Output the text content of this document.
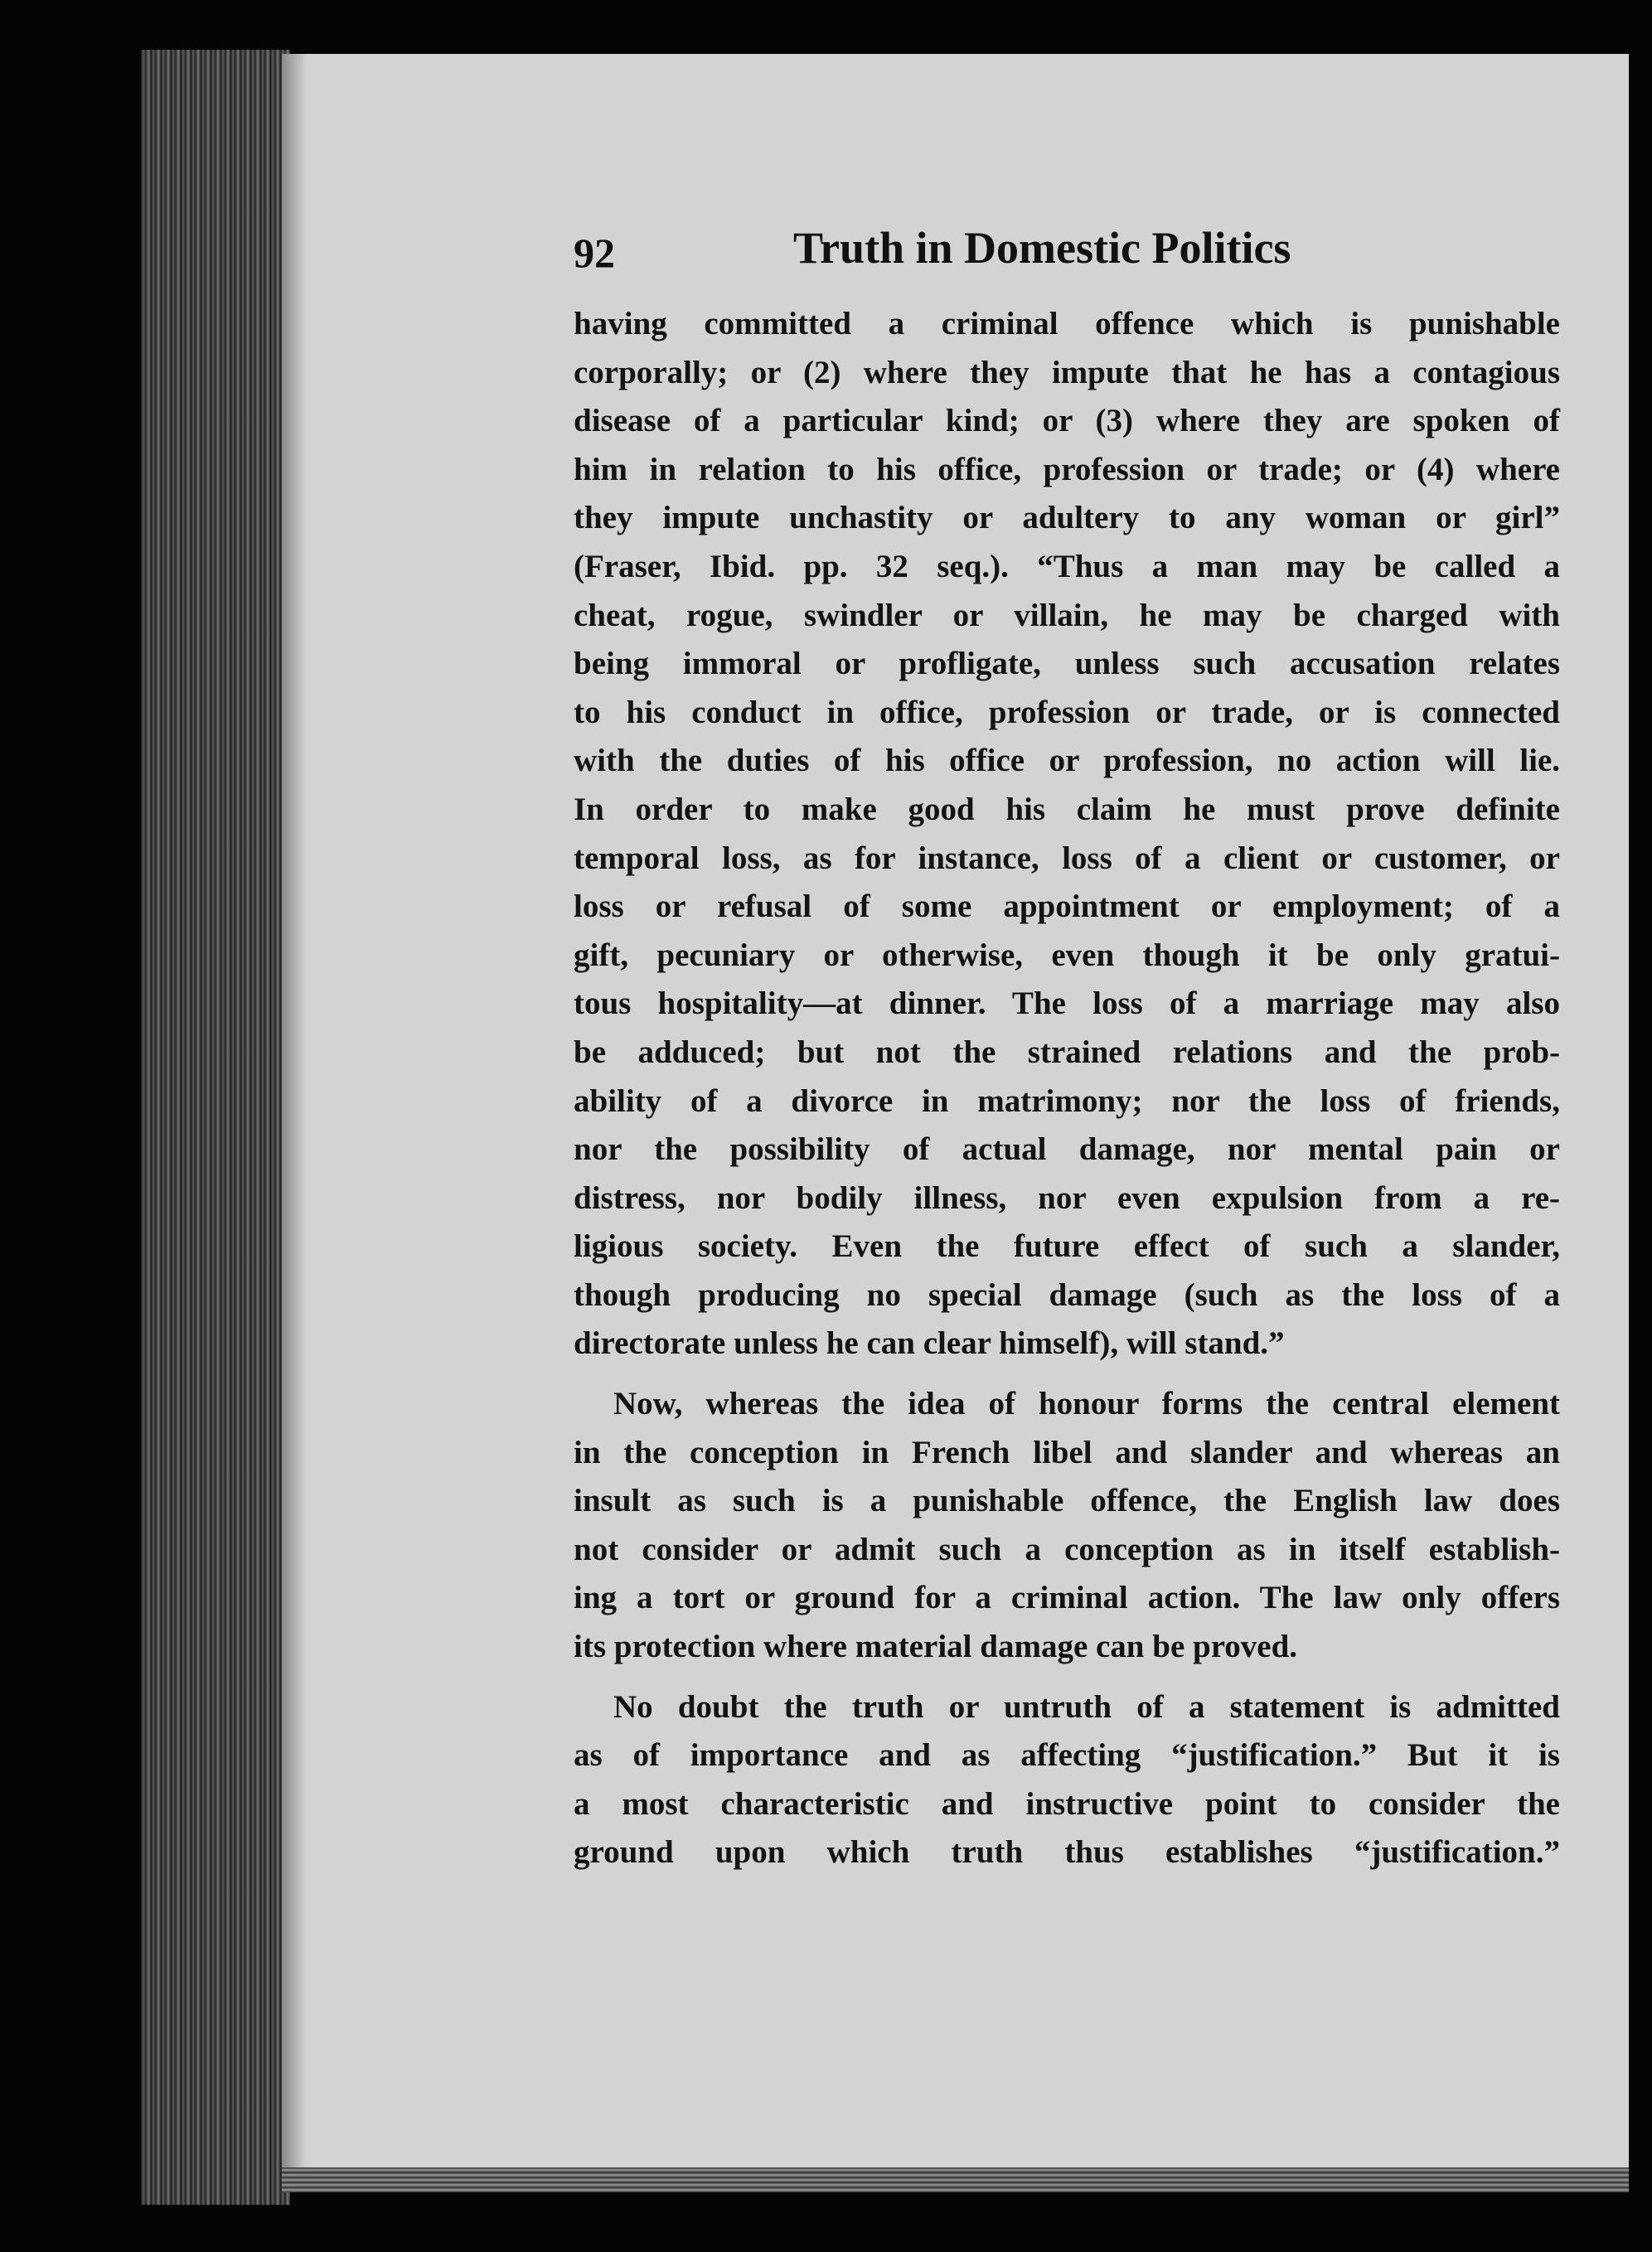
92	Truth in Domestic Politics
having committed a criminal offence which is punishable
corporally; or (2) where they impute that he has a contagious
disease of a particular kind; or (3) where they are spoken of
him in relation to his office, profession or trade; or (4) where
they impute unchastity or adultery to any woman or girl”
(Fraser, Ibid. pp. 32 seq.). “Thus a man may be called a
cheat, rogue, swindler or villain, he may be charged with
being immoral or profligate, unless such accusation relates
to his conduct in office, profession or trade, or is connected
with the duties of his office or profession, no action will lie.
In order to make good his claim he must prove definite
temporal loss, as for instance, loss of a client or customer, or
loss or refusal of some appointment or employment; of a
gift, pecuniary or otherwise, even though it be only gratui-
tous hospitality—at dinner. The loss of a marriage may also
be adduced; but not the strained relations and the prob-
ability of a divorce in matrimony; nor the loss of friends,
nor the possibility of actual damage, nor mental pain or
distress, nor bodily illness, nor even expulsion from a re-
ligious society. Even the future effect of such a slander,
though producing no special damage (such as the loss of a
directorate unless he can clear himself), will stand.”
Now, whereas the idea of honour forms the central element
in the conception in French libel and slander and whereas an
insult as such is a punishable offence, the English law does
not consider or admit such a conception as in itself establish-
ing a tort or ground for a criminal action. The law only offers
its protection where material damage can be proved.
No doubt the truth or untruth of a statement is admitted
as of importance and as affecting “justification.” But it is
a most characteristic and instructive point to consider the
ground upon which truth thus establishes “justification.”
